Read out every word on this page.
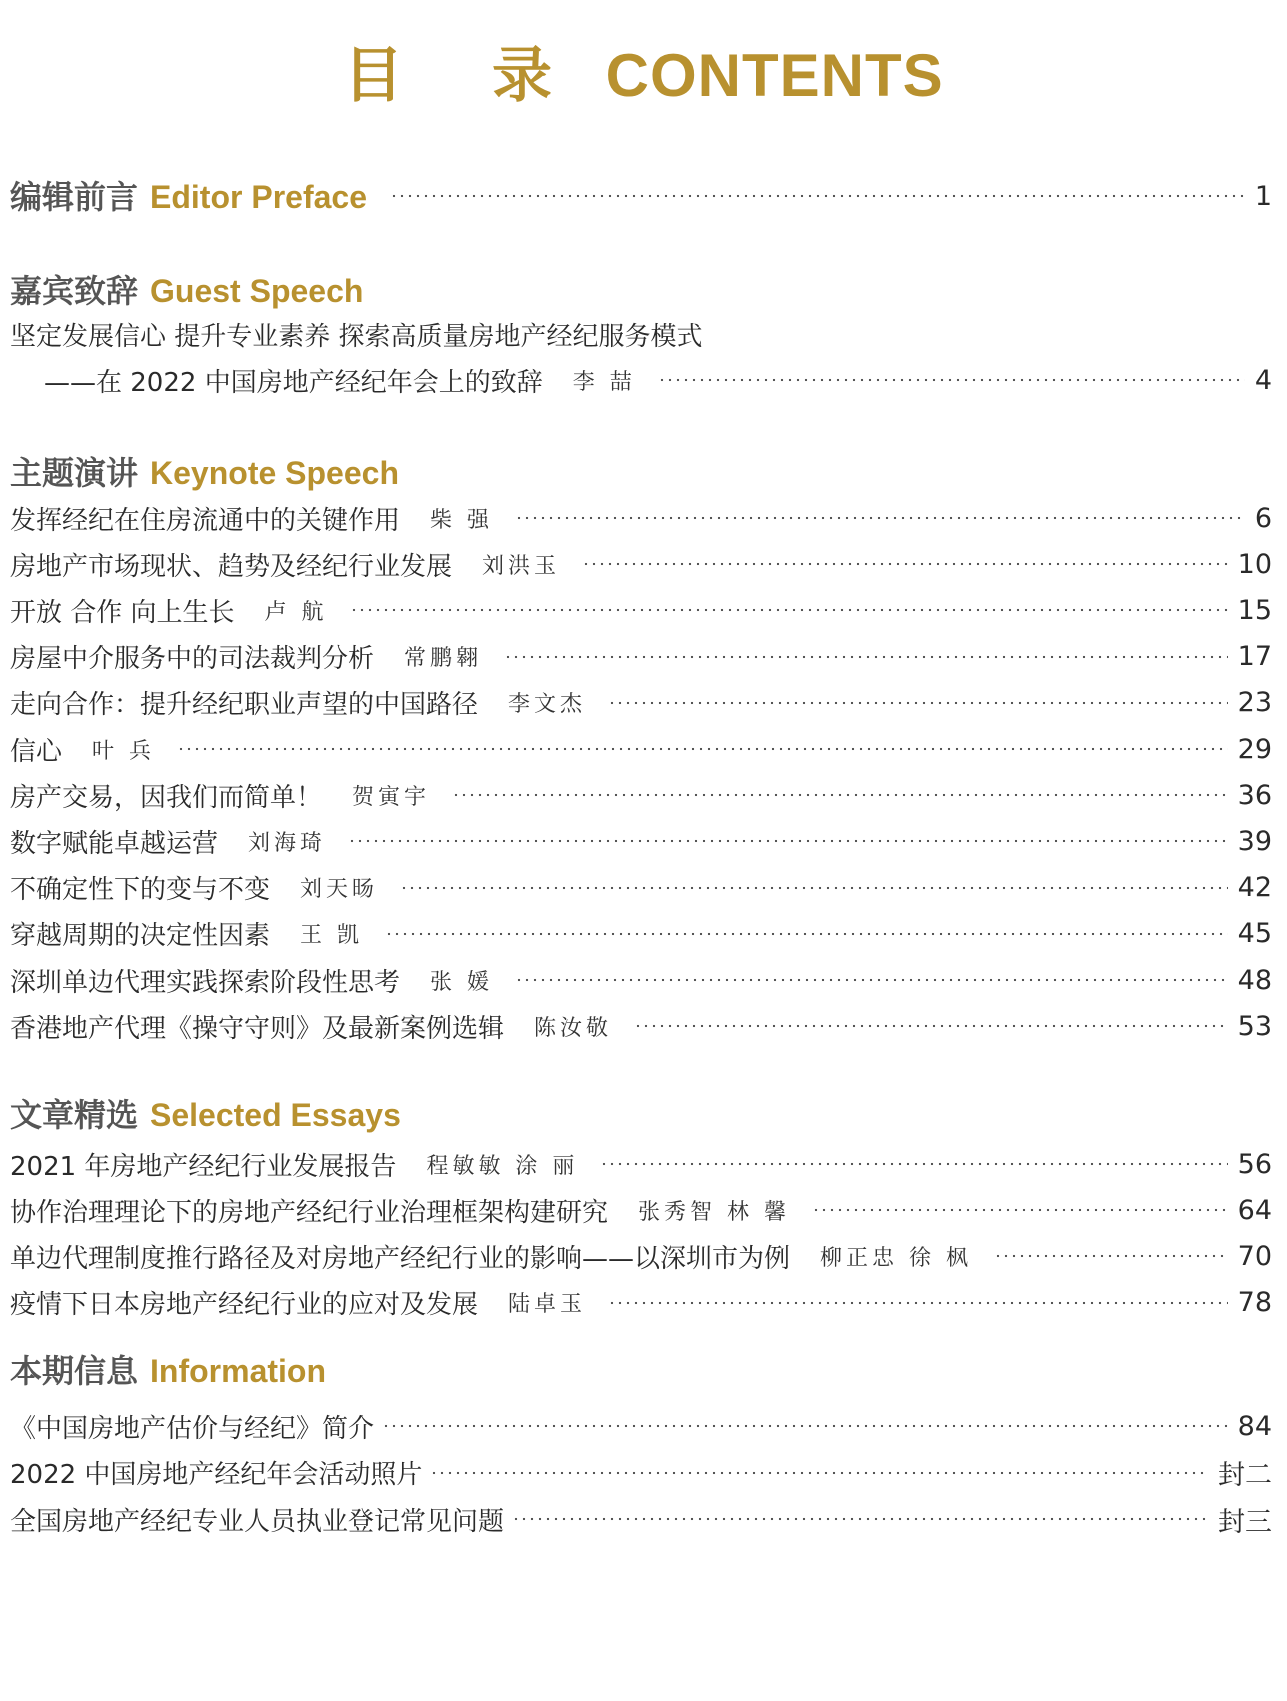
目 录 CONTENTS
编辑前言 Editor Preface	1
嘉宾致辞 Guest Speech
坚定发展信心 提升专业素养 探索高质量房地产经纪服务模式
——在 2022 中国房地产经纪年会上的致辞 李 喆	4
主题演讲 Keynote Speech
发挥经纪在住房流通中的关键作用 柴 强	6
房地产市场现状、趋势及经纪行业发展 刘洪玉	10
开放 合作 向上生长 卢 航	15
房屋中介服务中的司法裁判分析 常鹏翱	17
走向合作：提升经纪职业声望的中国路径 李文杰	23
信心 叶 兵	29
房产交易，因我们而简单！ 贺寅宇	36
数字赋能卓越运营 刘海琦	39
不确定性下的变与不变 刘天旸	42
穿越周期的决定性因素 王 凯	45
深圳单边代理实践探索阶段性思考 张 媛	48
香港地产代理《操守守则》及最新案例选辑 陈汝敬	53
文章精选 Selected Essays
2021 年房地产经纪行业发展报告 程敏敏 涂 丽	56
协作治理理论下的房地产经纪行业治理框架构建研究 张秀智 林 馨	64
单边代理制度推行路径及对房地产经纪行业的影响——以深圳市为例 柳正忠 徐 枫	70
疫情下日本房地产经纪行业的应对及发展 陆卓玉	78
本期信息 Information
《中国房地产估价与经纪》简介	84
2022 中国房地产经纪年会活动照片	封二
全国房地产经纪专业人员执业登记常见问题	封三
